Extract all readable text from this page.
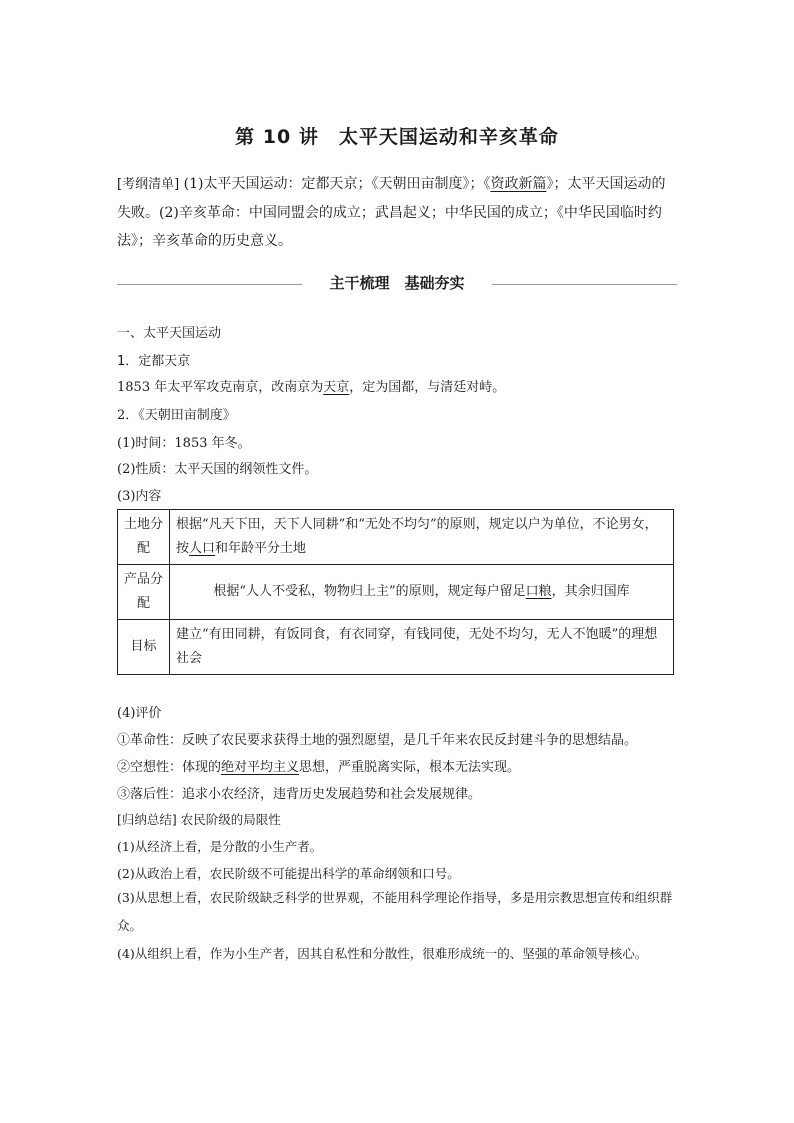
第 10 讲　太平天国运动和辛亥革命
[考纲清单] (1)太平天国运动：定都天京；《天朝田亩制度》；《资政新篇》；太平天国运动的失败。(2)辛亥革命：中国同盟会的成立；武昌起义；中华民国的成立；《中华民国临时约法》；辛亥革命的历史意义。
主干梳理　基础夯实
一、太平天国运动
1．定都天京
1853 年太平军攻克南京，改南京为天京，定为国都，与清廷对峙。
2．《天朝田亩制度》
(1)时间：1853 年冬。
(2)性质：太平天国的纲领性文件。
(3)内容
土地分配	根据“凡天下田，天下人同耕”和“无处不均匀”的原则，规定以户为单位，不论男女，按人口和年龄平分土地
产品分配	根据“人人不受私，物物归上主”的原则，规定每户留足口粮，其余归国库
目标	建立“有田同耕，有饭同食，有衣同穿，有钱同使，无处不均匀，无人不饱暖”的理想社会
(4)评价
①革命性：反映了农民要求获得土地的强烈愿望，是几千年来农民反封建斗争的思想结晶。
②空想性：体现的绝对平均主义思想，严重脱离实际，根本无法实现。
③落后性：追求小农经济，违背历史发展趋势和社会发展规律。
[归纳总结] 农民阶级的局限性
(1)从经济上看，是分散的小生产者。
(2)从政治上看，农民阶级不可能提出科学的革命纲领和口号。
(3)从思想上看，农民阶级缺乏科学的世界观，不能用科学理论作指导，多是用宗教思想宣传和组织群众。
(4)从组织上看，作为小生产者，因其自私性和分散性，很难形成统一的、坚强的革命领导核心。
